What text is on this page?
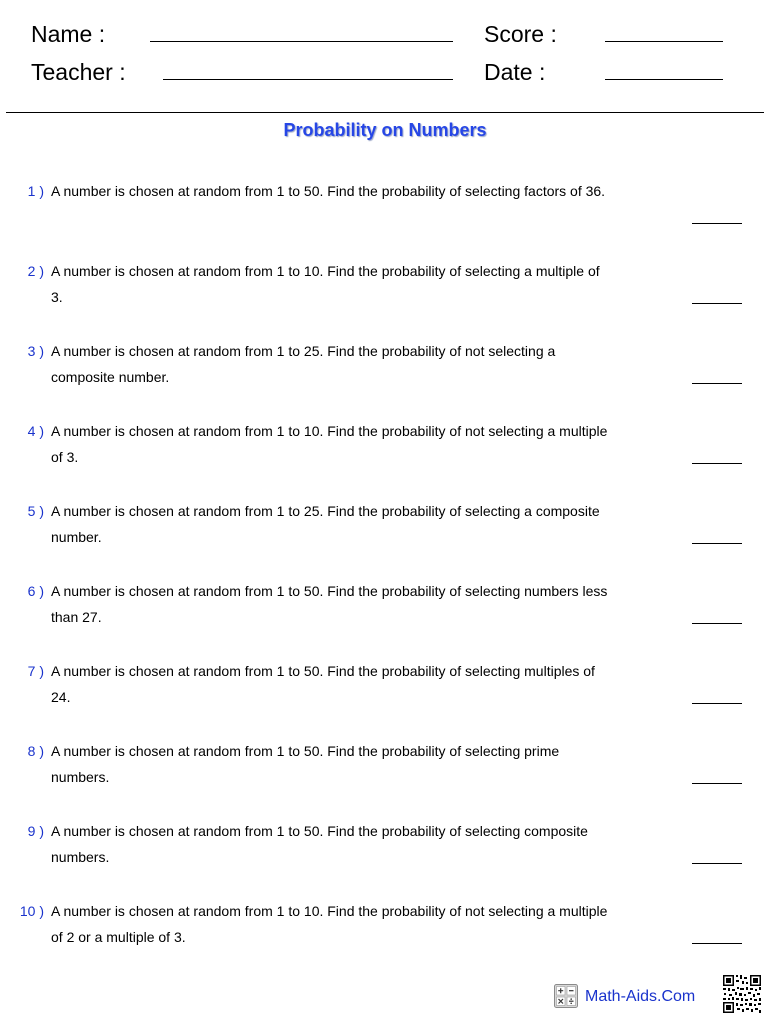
Name :	Score :
Teacher :	Date :
Probability on Numbers
1 ) A number is chosen at random from 1 to 50. Find the probability of selecting factors of 36.
2 ) A number is chosen at random from 1 to 10. Find the probability of selecting a multiple of 3.
3 ) A number is chosen at random from 1 to 25. Find the probability of not selecting a composite number.
4 ) A number is chosen at random from 1 to 10. Find the probability of not selecting a multiple of 3.
5 ) A number is chosen at random from 1 to 25. Find the probability of selecting a composite number.
6 ) A number is chosen at random from 1 to 50. Find the probability of selecting numbers less than 27.
7 ) A number is chosen at random from 1 to 50. Find the probability of selecting multiples of 24.
8 ) A number is chosen at random from 1 to 50. Find the probability of selecting prime numbers.
9 ) A number is chosen at random from 1 to 50. Find the probability of selecting composite numbers.
10 ) A number is chosen at random from 1 to 10. Find the probability of not selecting a multiple of 2 or a multiple of 3.
Math-Aids.Com
